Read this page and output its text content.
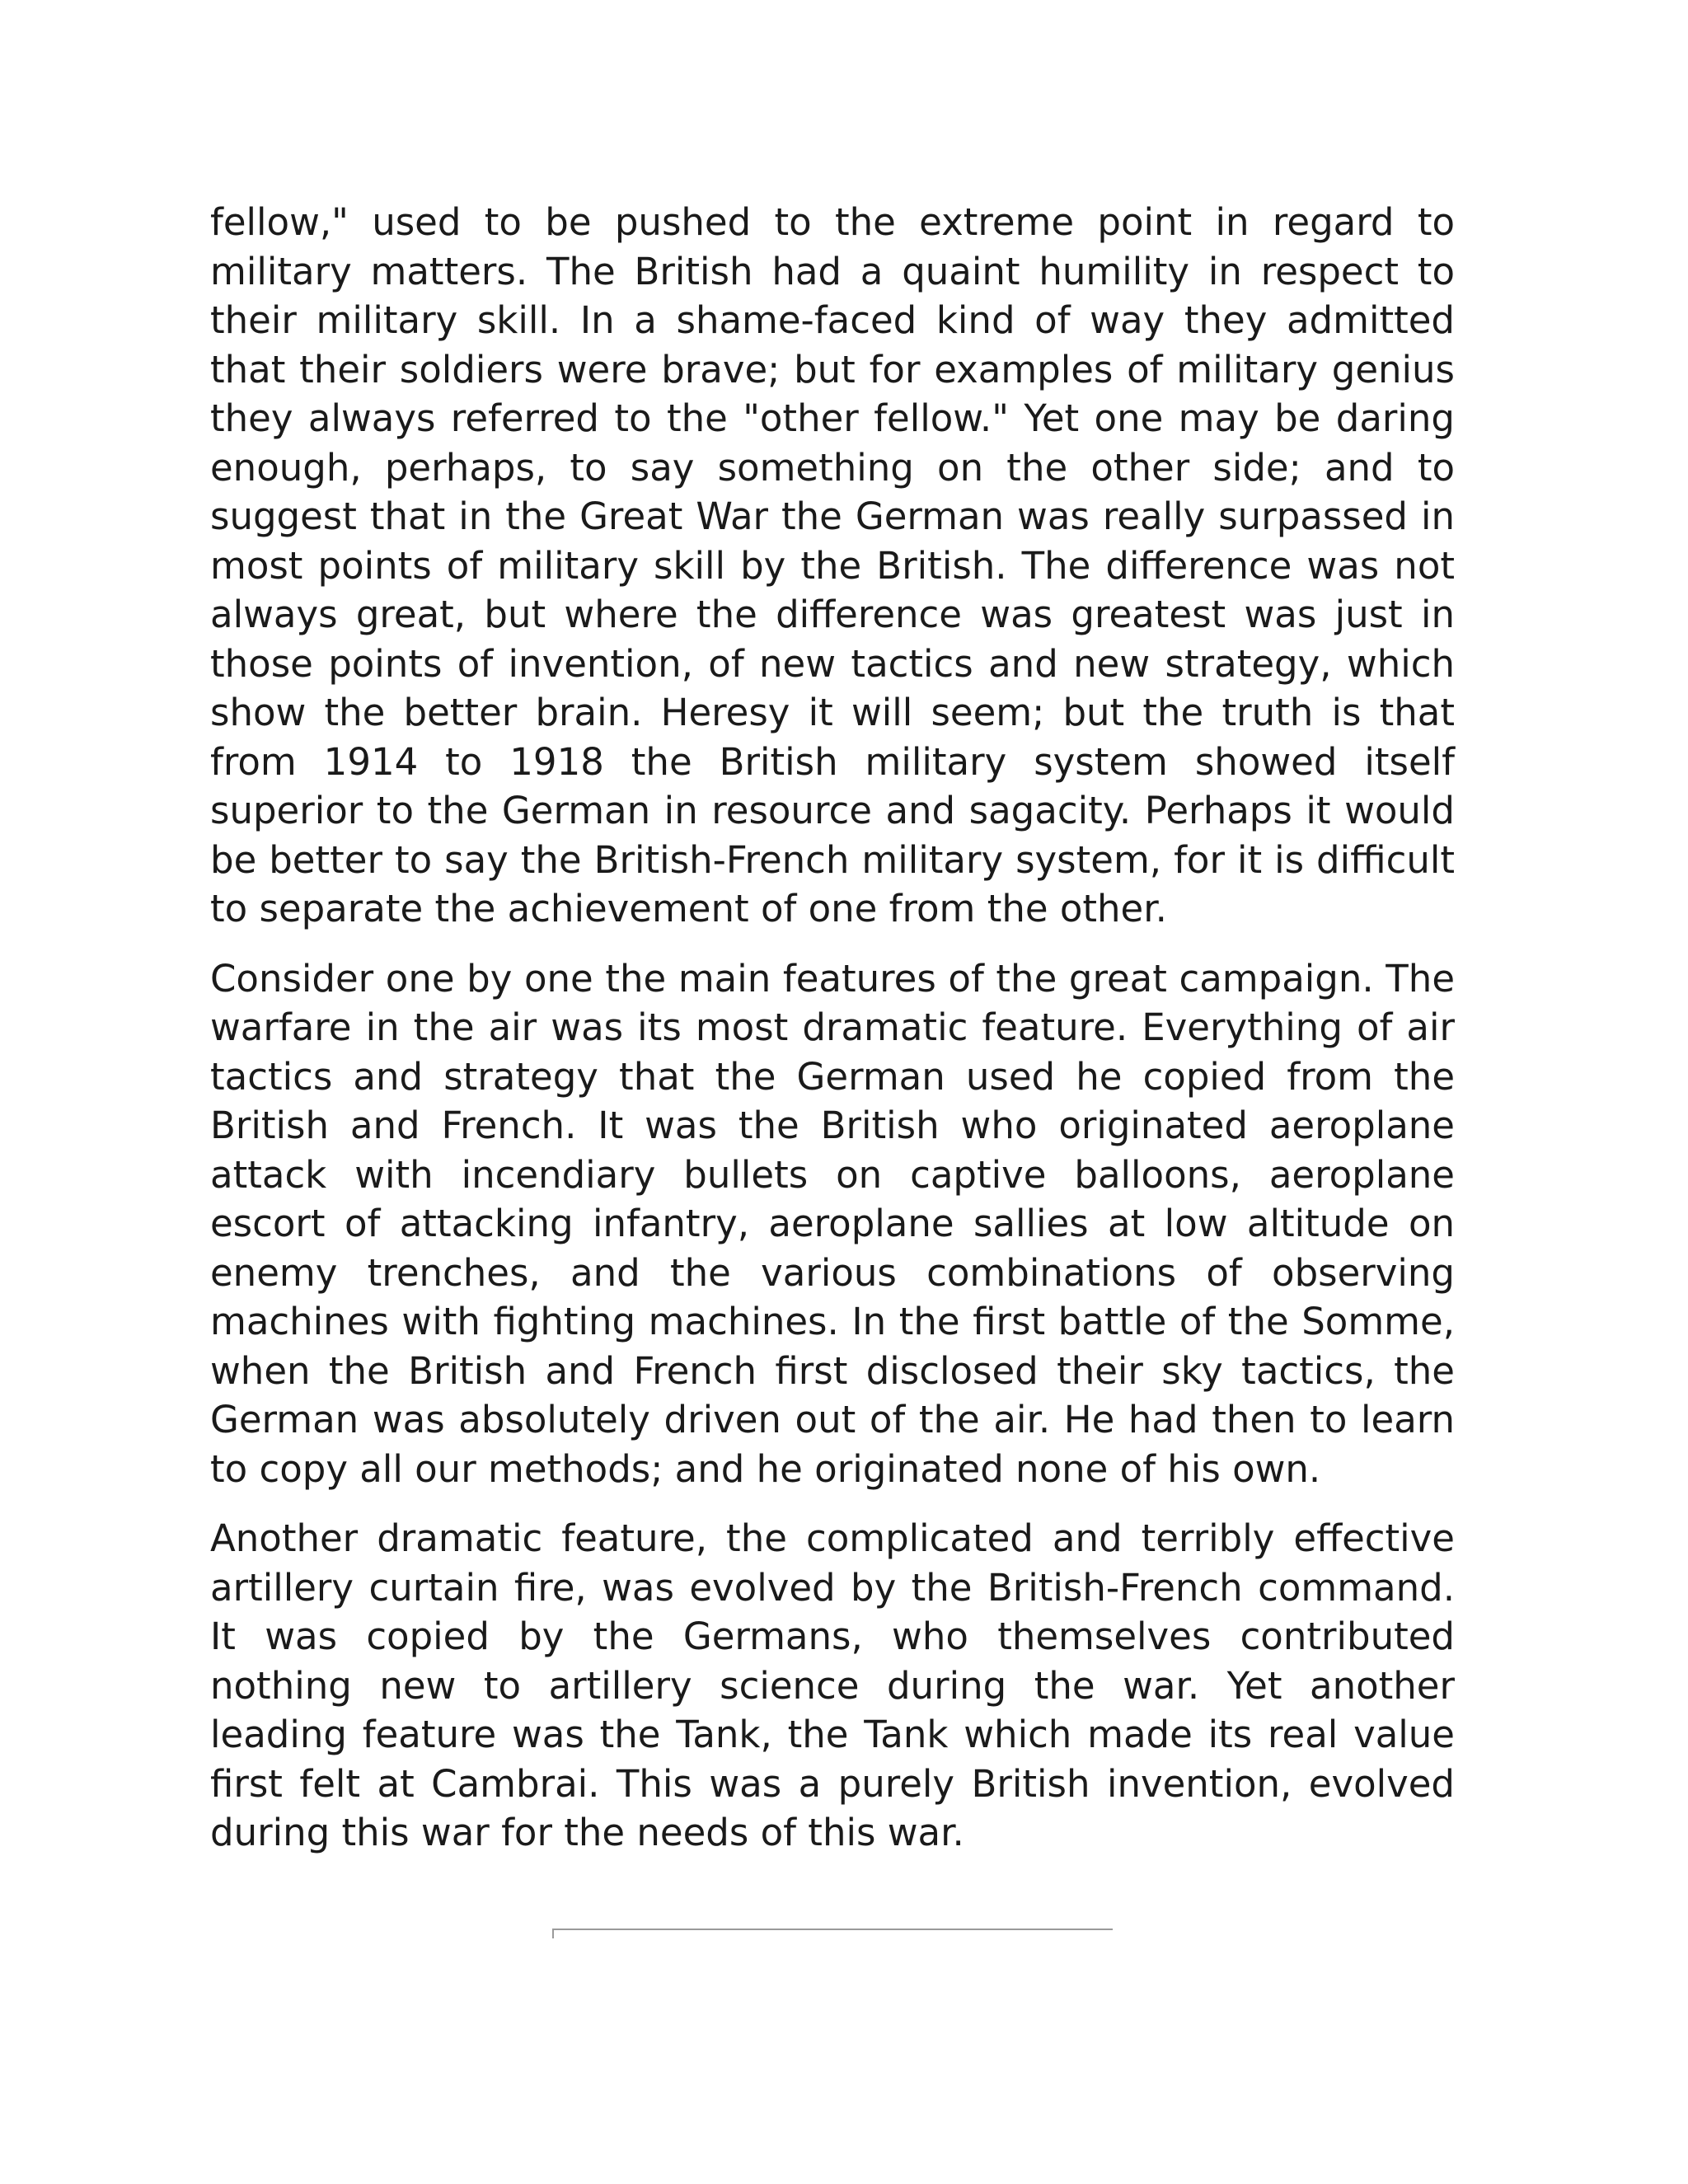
fellow," used to be pushed to the extreme point in regard to military matters. The British had a quaint humility in respect to their military skill. In a shame-faced kind of way they admitted that their soldiers were brave; but for examples of military genius they always referred to the "other fellow." Yet one may be daring enough, perhaps, to say something on the other side; and to suggest that in the Great War the German was really surpassed in most points of military skill by the British. The difference was not always great, but where the difference was greatest was just in those points of invention, of new tactics and new strategy, which show the better brain. Heresy it will seem; but the truth is that from 1914 to 1918 the British military system showed itself superior to the German in resource and sagacity. Perhaps it would be better to say the British-French military system, for it is difficult to separate the achievement of one from the other.

Consider one by one the main features of the great campaign. The warfare in the air was its most dramatic feature. Everything of air tactics and strategy that the German used he copied from the British and French. It was the British who originated aeroplane attack with incendiary bullets on captive balloons, aeroplane escort of attacking infantry, aeroplane sallies at low altitude on enemy trenches, and the various combinations of observing machines with fighting machines. In the first battle of the Somme, when the British and French first disclosed their sky tactics, the German was absolutely driven out of the air. He had then to learn to copy all our methods; and he originated none of his own.

Another dramatic feature, the complicated and terribly effective artillery curtain fire, was evolved by the British-French command. It was copied by the Germans, who themselves contributed nothing new to artillery science during the war. Yet another leading feature was the Tank, the Tank which made its real value first felt at Cambrai. This was a purely British invention, evolved during this war for the needs of this war.
